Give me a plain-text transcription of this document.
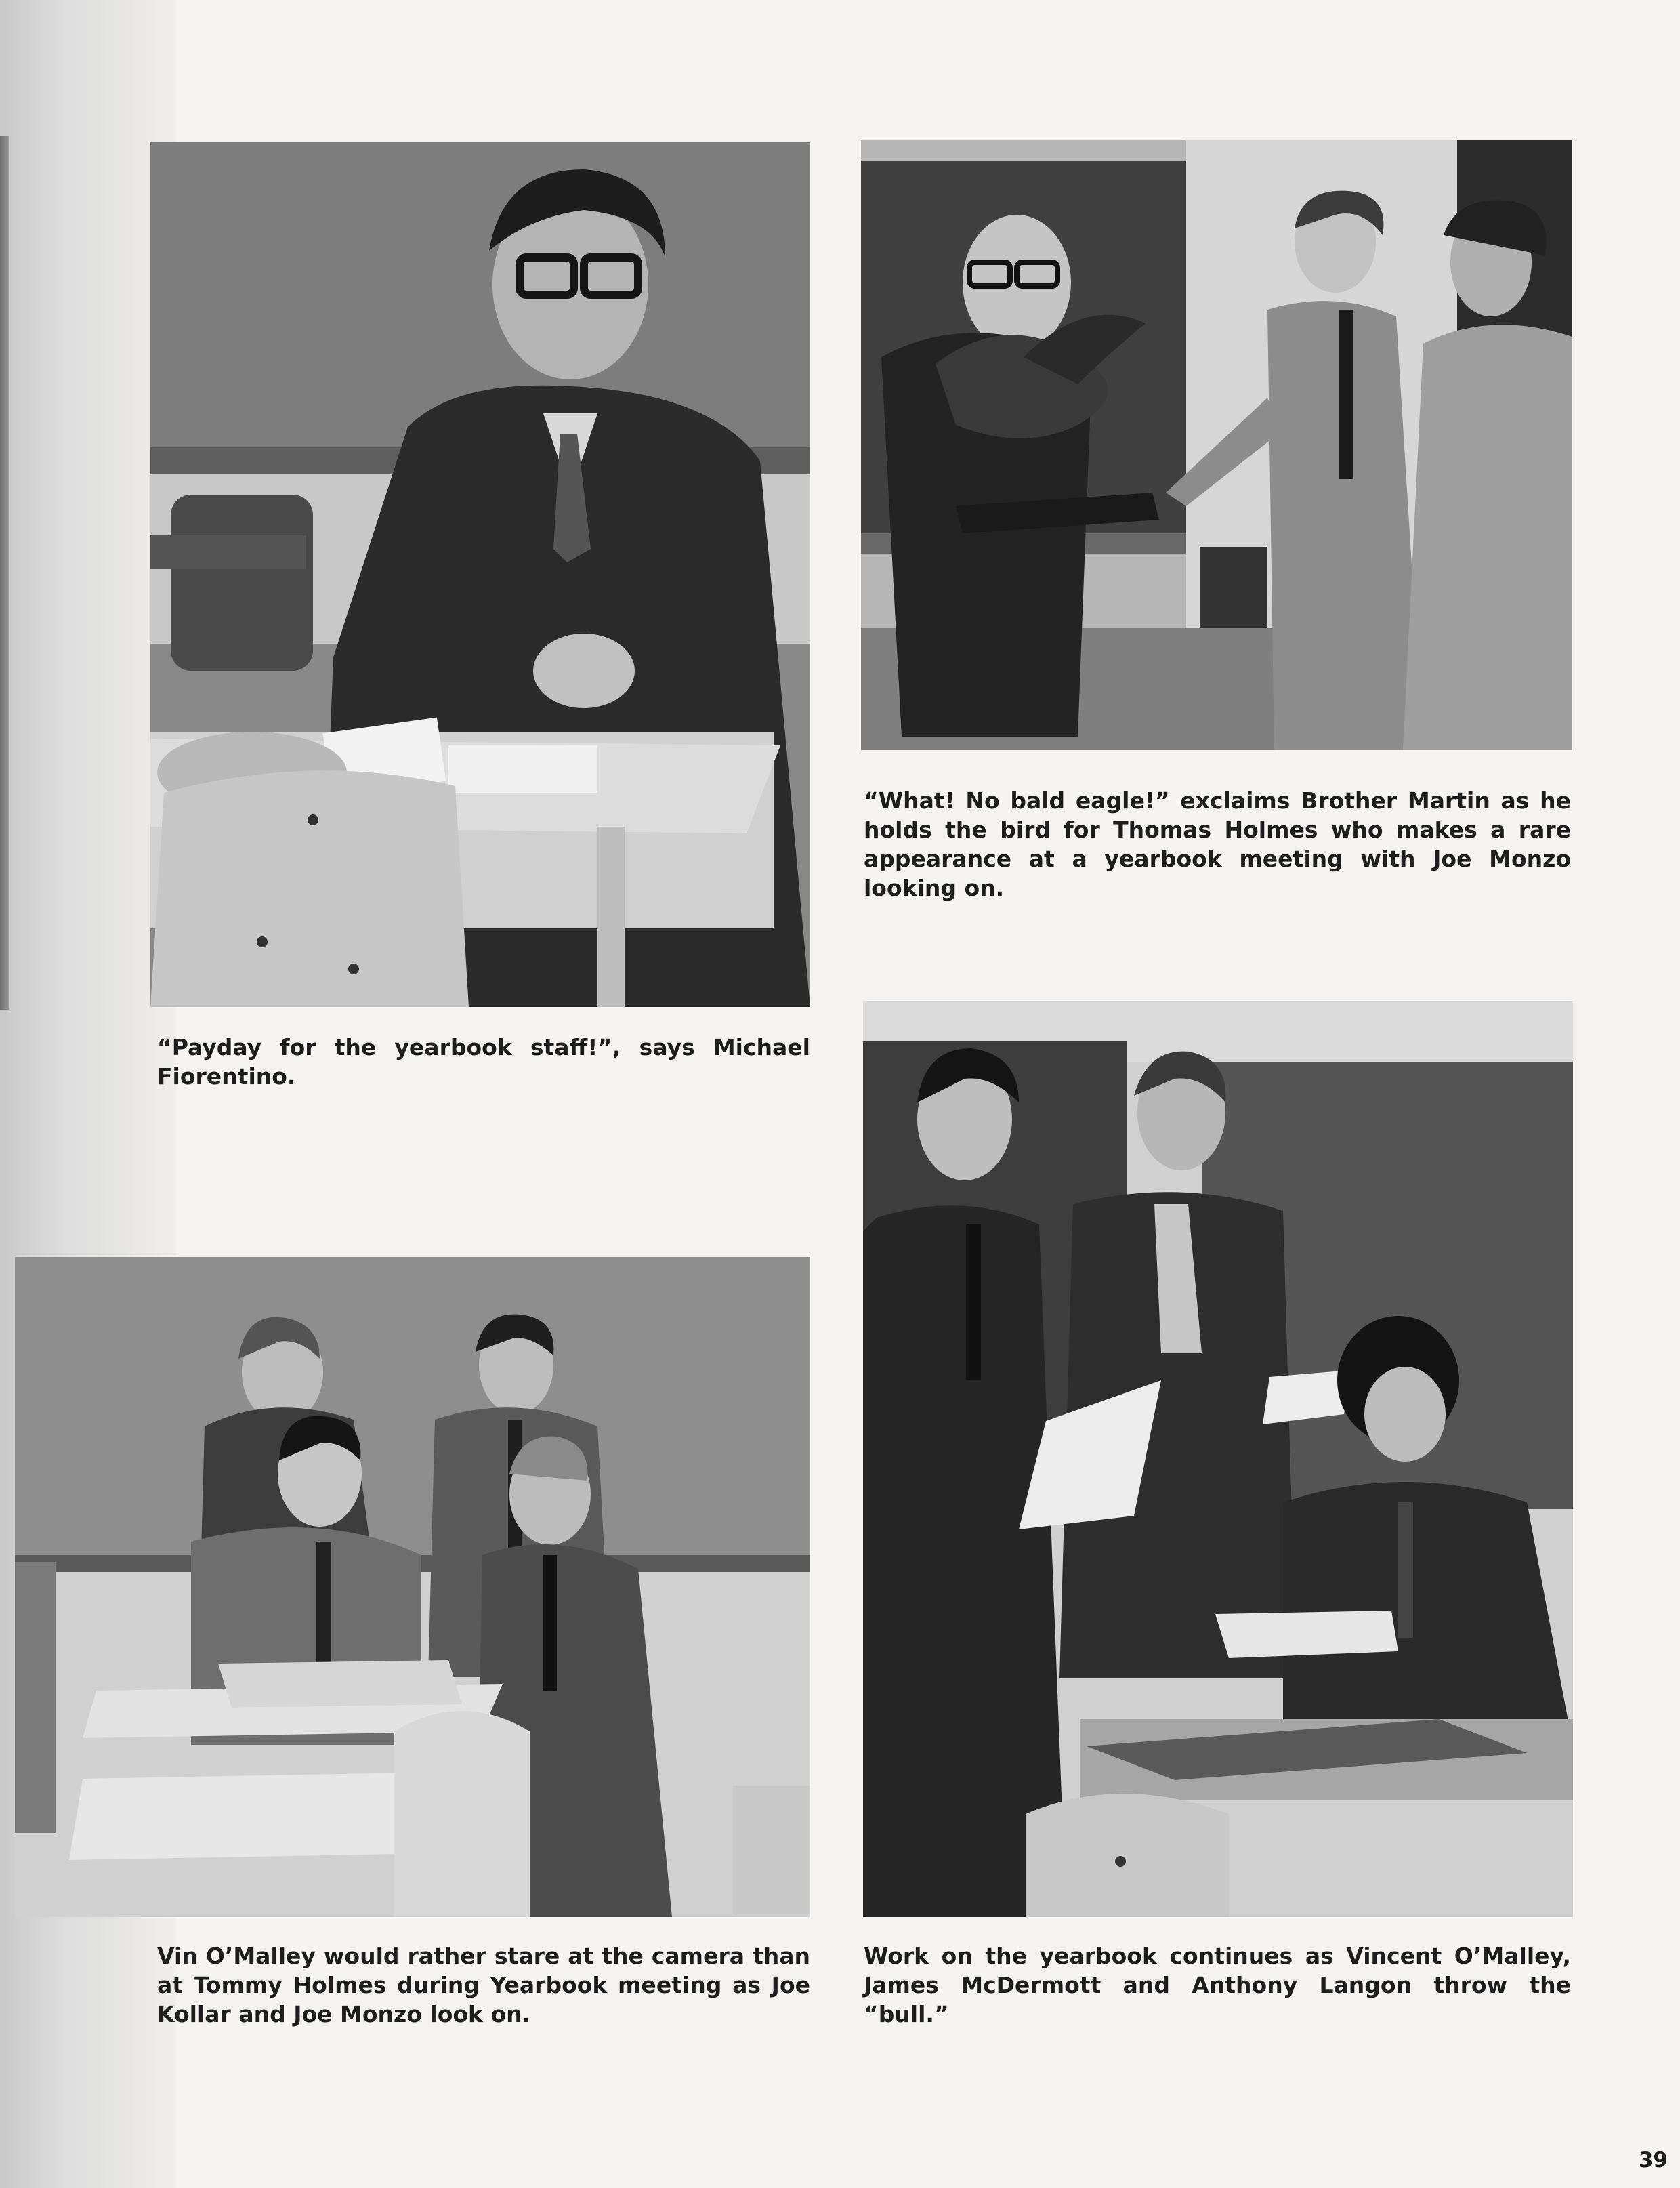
“Payday for the yearbook staff!”, says Michael Fiorentino.

“What! No bald eagle!” exclaims Brother Martin as he holds the bird for Thomas Holmes who makes a rare appearance at a yearbook meeting with Joe Monzo looking on.

Vin O’Malley would rather stare at the camera than at Tommy Holmes during Yearbook meeting as Joe Kollar and Joe Monzo look on.

Work on the yearbook continues as Vincent O’Malley, James McDermott and Anthony Langon throw the “bull.”

39
